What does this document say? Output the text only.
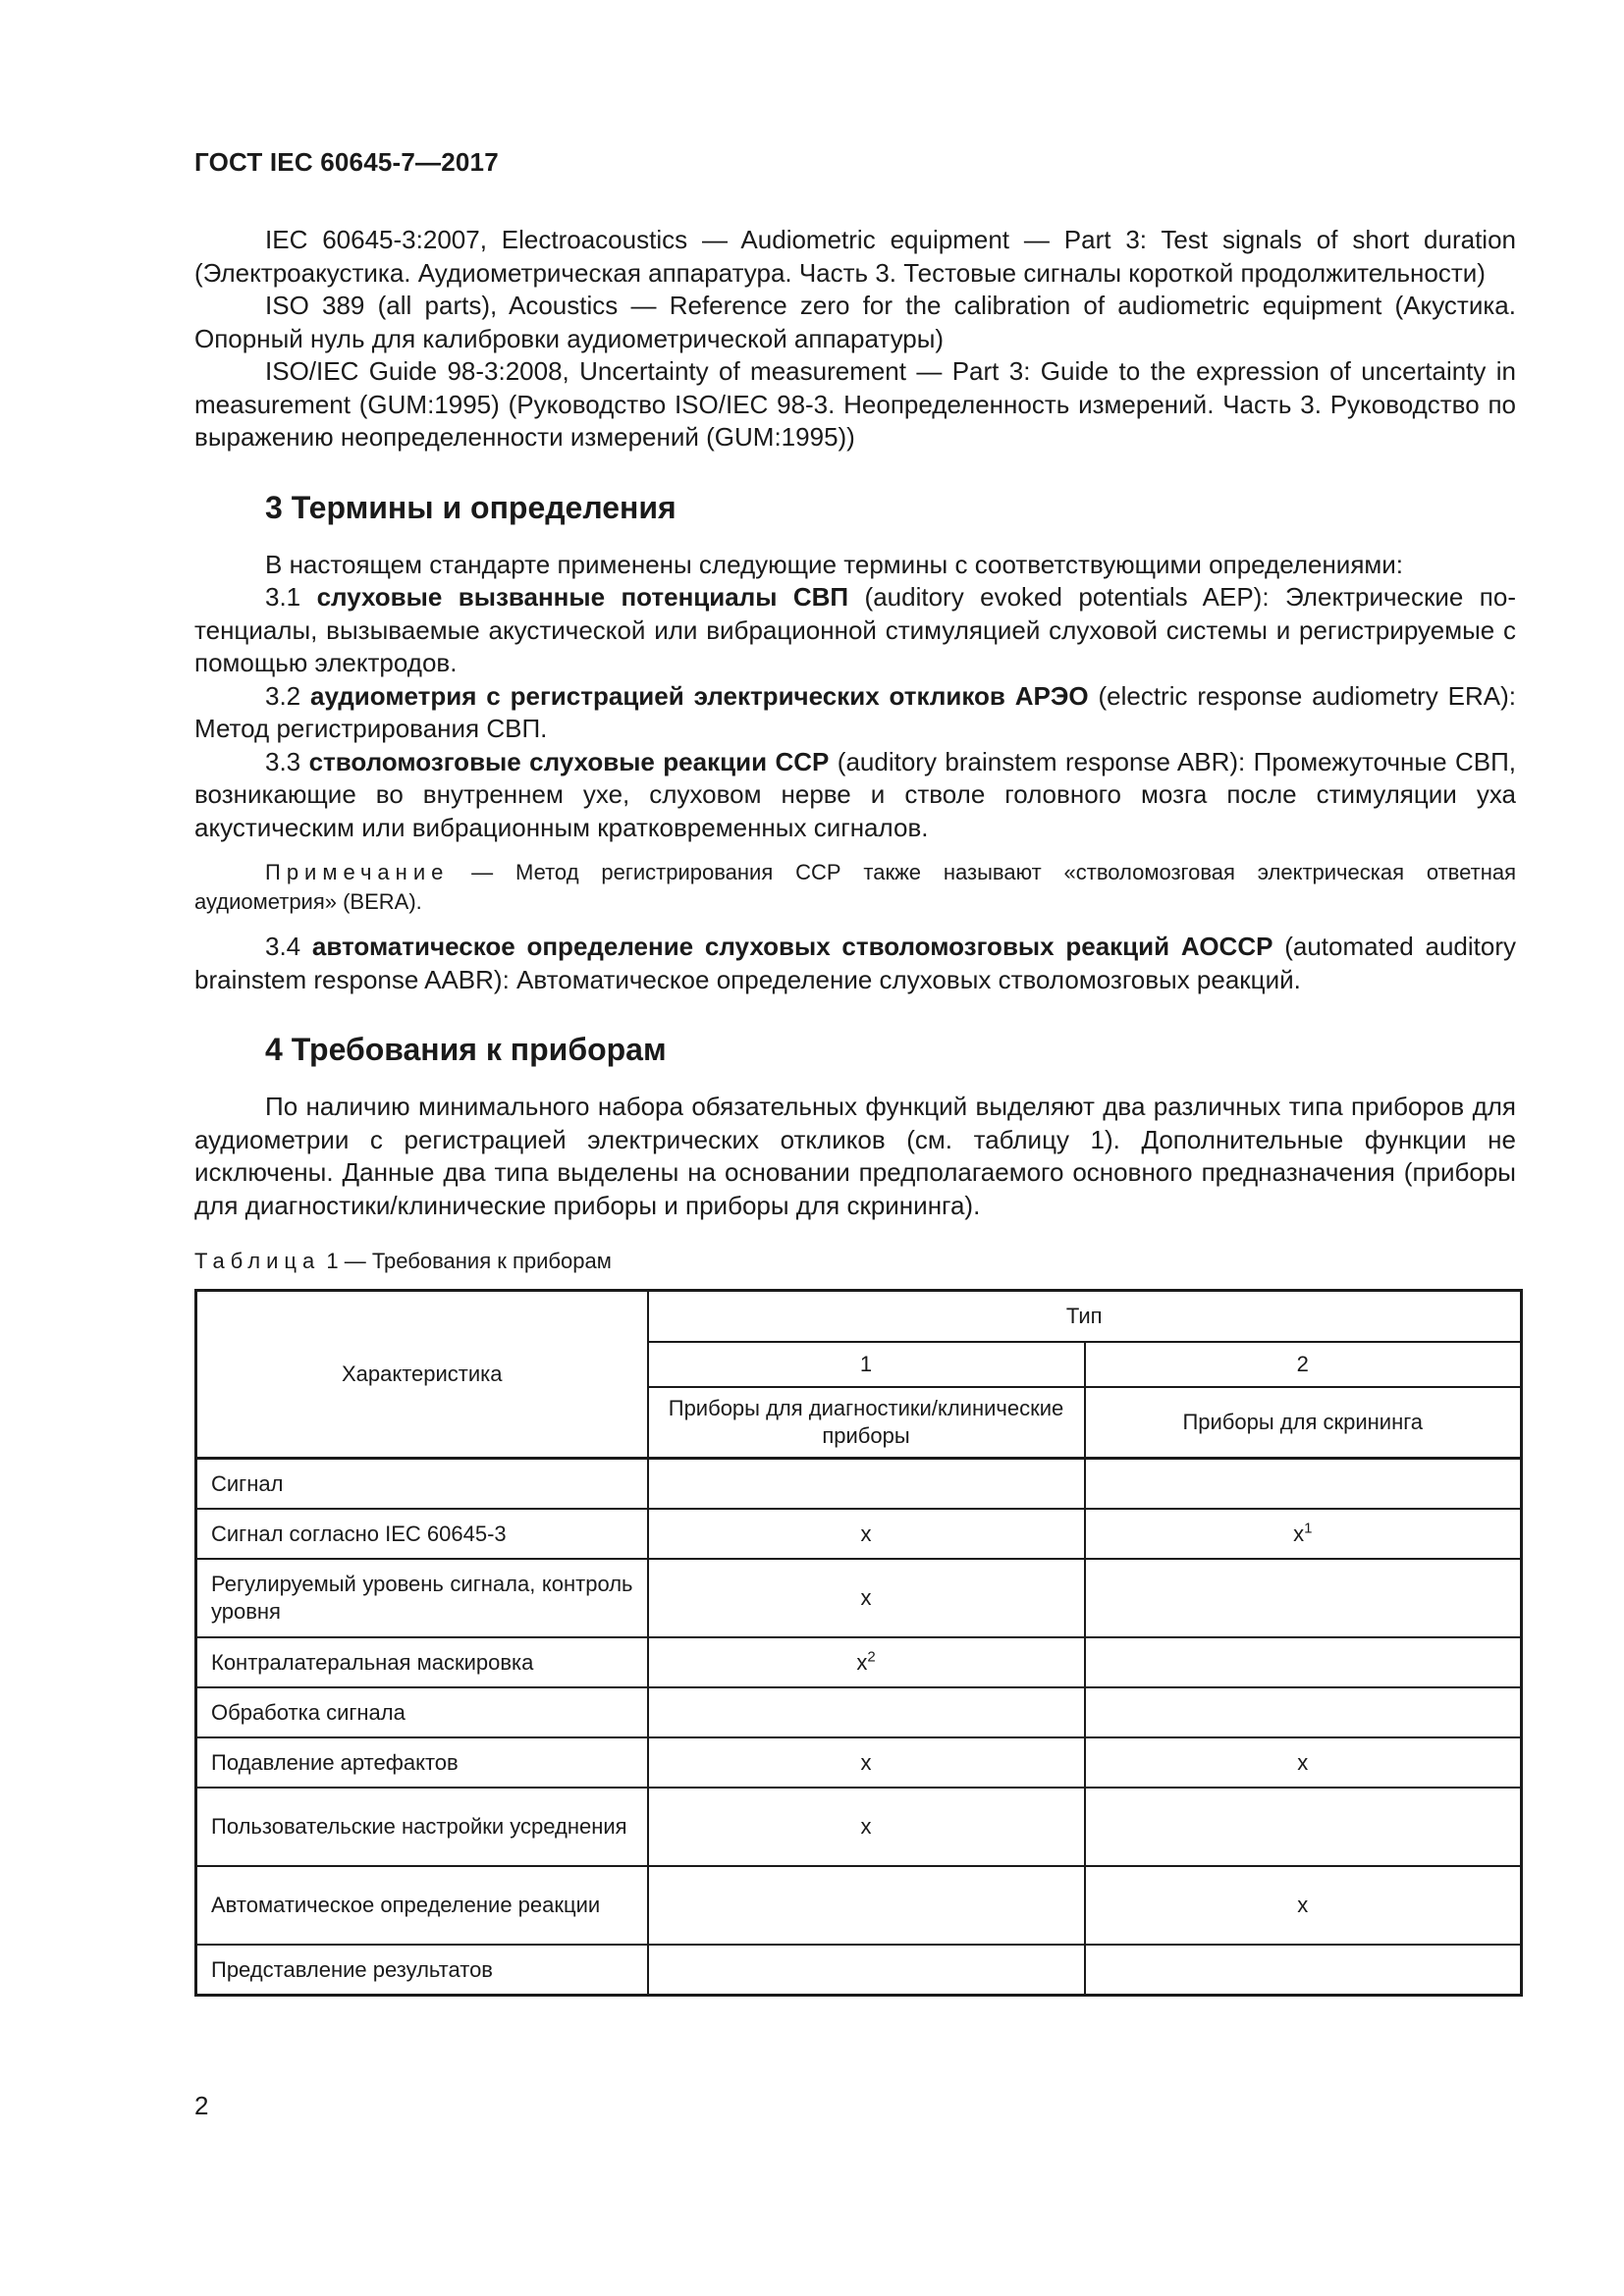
ГОСТ IEC 60645-7—2017

IEC 60645-3:2007, Electroacoustics — Audiometric equipment — Part 3: Test signals of short duration (Электроакустика. Аудиометрическая аппаратура. Часть 3. Тестовые сигналы короткой продолжительности)

ISO 389 (all parts), Acoustics — Reference zero for the calibration of audiometric equipment (Акустика. Опорный нуль для калибровки аудиометрической аппаратуры)

ISO/IEC Guide 98-3:2008, Uncertainty of measurement — Part 3: Guide to the expression of uncertainty in measurement (GUM:1995) (Руководство ISO/IEC 98-3. Неопределенность измерений. Часть 3. Руководство по выражению неопределенности измерений (GUM:1995))

3 Термины и определения

В настоящем стандарте применены следующие термины с соответствующими определениями:

3.1 слуховые вызванные потенциалы СВП (auditory evoked potentials AEP): Электрические потенциалы, вызываемые акустической или вибрационной стимуляцией слуховой системы и регистрируемые с помощью электродов.

3.2 аудиометрия с регистрацией электрических откликов АРЭО (electric response audiometry ERA): Метод регистрирования СВП.

3.3 стволомозговые слуховые реакции ССР (auditory brainstem response ABR): Промежуточные СВП, возникающие во внутреннем ухе, слуховом нерве и стволе головного мозга после стимуляции уха акустическим или вибрационным кратковременных сигналов.

Примечание — Метод регистрирования ССР также называют «стволомозговая электрическая ответная аудиометрия» (BERA).

3.4 автоматическое определение слуховых стволомозговых реакций АОССР (automated auditory brainstem response AABR): Автоматическое определение слуховых стволомозговых реакций.

4 Требования к приборам

По наличию минимального набора обязательных функций выделяют два различных типа приборов для аудиометрии с регистрацией электрических откликов (см. таблицу 1). Дополнительные функции не исключены. Данные два типа выделены на основании предполагаемого основного предназначения (приборы для диагностики/клинические приборы и приборы для скрининга).

Таблица 1 — Требования к приборам
Характеристика	Тип	
	1	2
	Приборы для диагностики/клинические приборы	Приборы для скрининга
Сигнал		
Сигнал согласно IEC 60645-3	x	$x^1$
Регулируемый уровень сигнала, контроль уровня	x	
Контралатеральная маскировка	$x^2$	
Обработка сигнала		
Подавление артефактов	x	x
Пользовательские настройки усреднения	x	
Автоматическое определение реакции		x
Представление результатов		
2
